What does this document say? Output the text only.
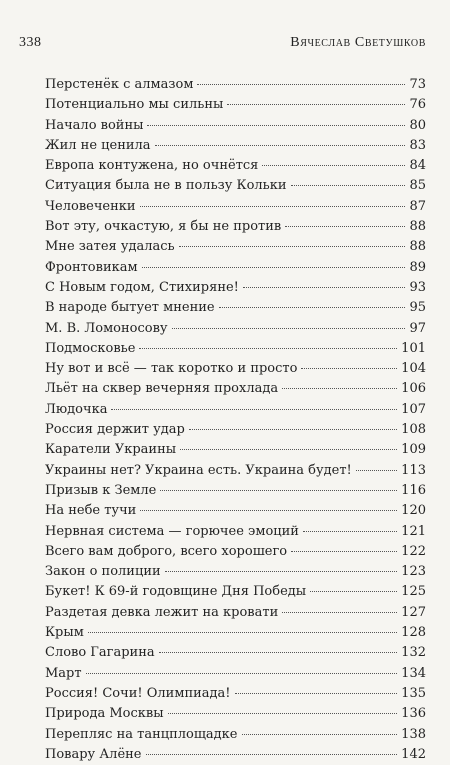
338	Вячеслав Светушков
Перстенёк с алмазом	73
Потенциально мы сильны	76
Начало войны	80
Жил не ценила	83
Европа контужена, но очнётся	84
Ситуация была не в пользу Кольки	85
Человеченки	87
Вот эту, очкастую, я бы не против	88
Мне затея удалась	88
Фронтовикам	89
С Новым годом, Стихиряне!	93
В народе бытует мнение	95
М. В. Ломоносову	97
Подмосковье	101
Ну вот и всё — так коротко и просто	104
Льёт на сквер вечерняя прохлада	106
Людочка	107
Россия держит удар	108
Каратели Украины	109
Украины нет? Украина есть. Украина будет!	113
Призыв к Земле	116
На небе тучи	120
Нервная система — горючее эмоций	121
Всего вам доброго, всего хорошего	122
Закон о полиции	123
Букет! К 69-й годовщине Дня Победы	125
Раздетая девка лежит на кровати	127
Крым	128
Слово Гагарина	132
Март	134
Россия! Сочи! Олимпиада!	135
Природа Москвы	136
Перепляс на танцплощадке	138
Повару Алёне	142
